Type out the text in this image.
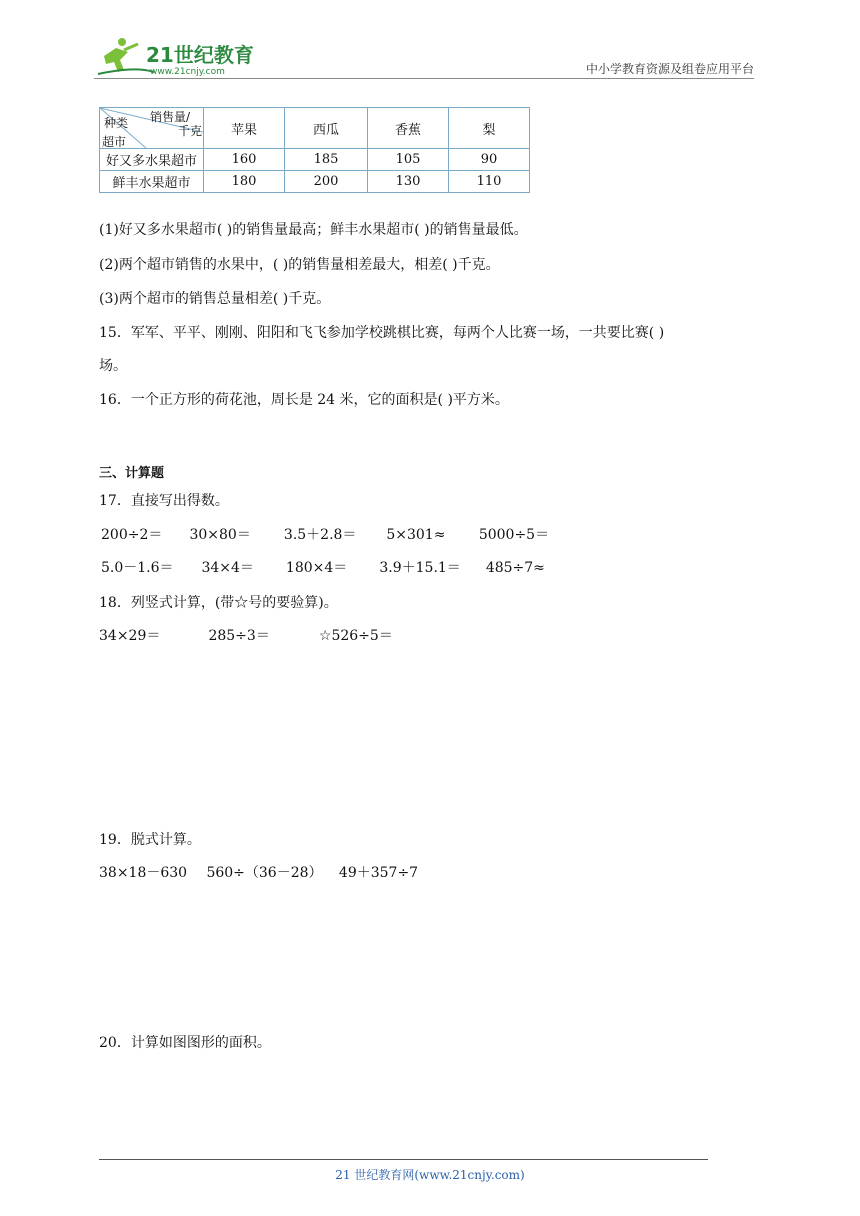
21世纪教育
www.21cnjy.com	中小学教育资源及组卷应用平台
种类 销售量/
千克
超市	苹果	西瓜	香蕉	梨
好又多水果超市	160	185	105	90
鲜丰水果超市	180	200	130	110
(1)好又多水果超市( )的销售量最高；鲜丰水果超市( )的销售量最低。
(2)两个超市销售的水果中，( )的销售量相差最大，相差( )千克。
(3)两个超市的销售总量相差( )千克。
15．军军、平平、刚刚、阳阳和飞飞参加学校跳棋比赛，每两个人比赛一场，一共要比赛( )
场。
16．一个正方形的荷花池，周长是 24 米，它的面积是( )平方米。
三、计算题
17．直接写出得数。
200÷2＝ 30×80＝ 3.5＋2.8＝ 5×301≈ 5000÷5＝
5.0－1.6＝ 34×4＝ 180×4＝ 3.9＋15.1＝ 485÷7≈
18．列竖式计算，(带☆号的要验算)。
34×29＝	285÷3＝	☆526÷5＝
19．脱式计算。
38×18－630 560÷（36－28） 49＋357÷7
20．计算如图图形的面积。
21 世纪教育网(www.21cnjy.com)
